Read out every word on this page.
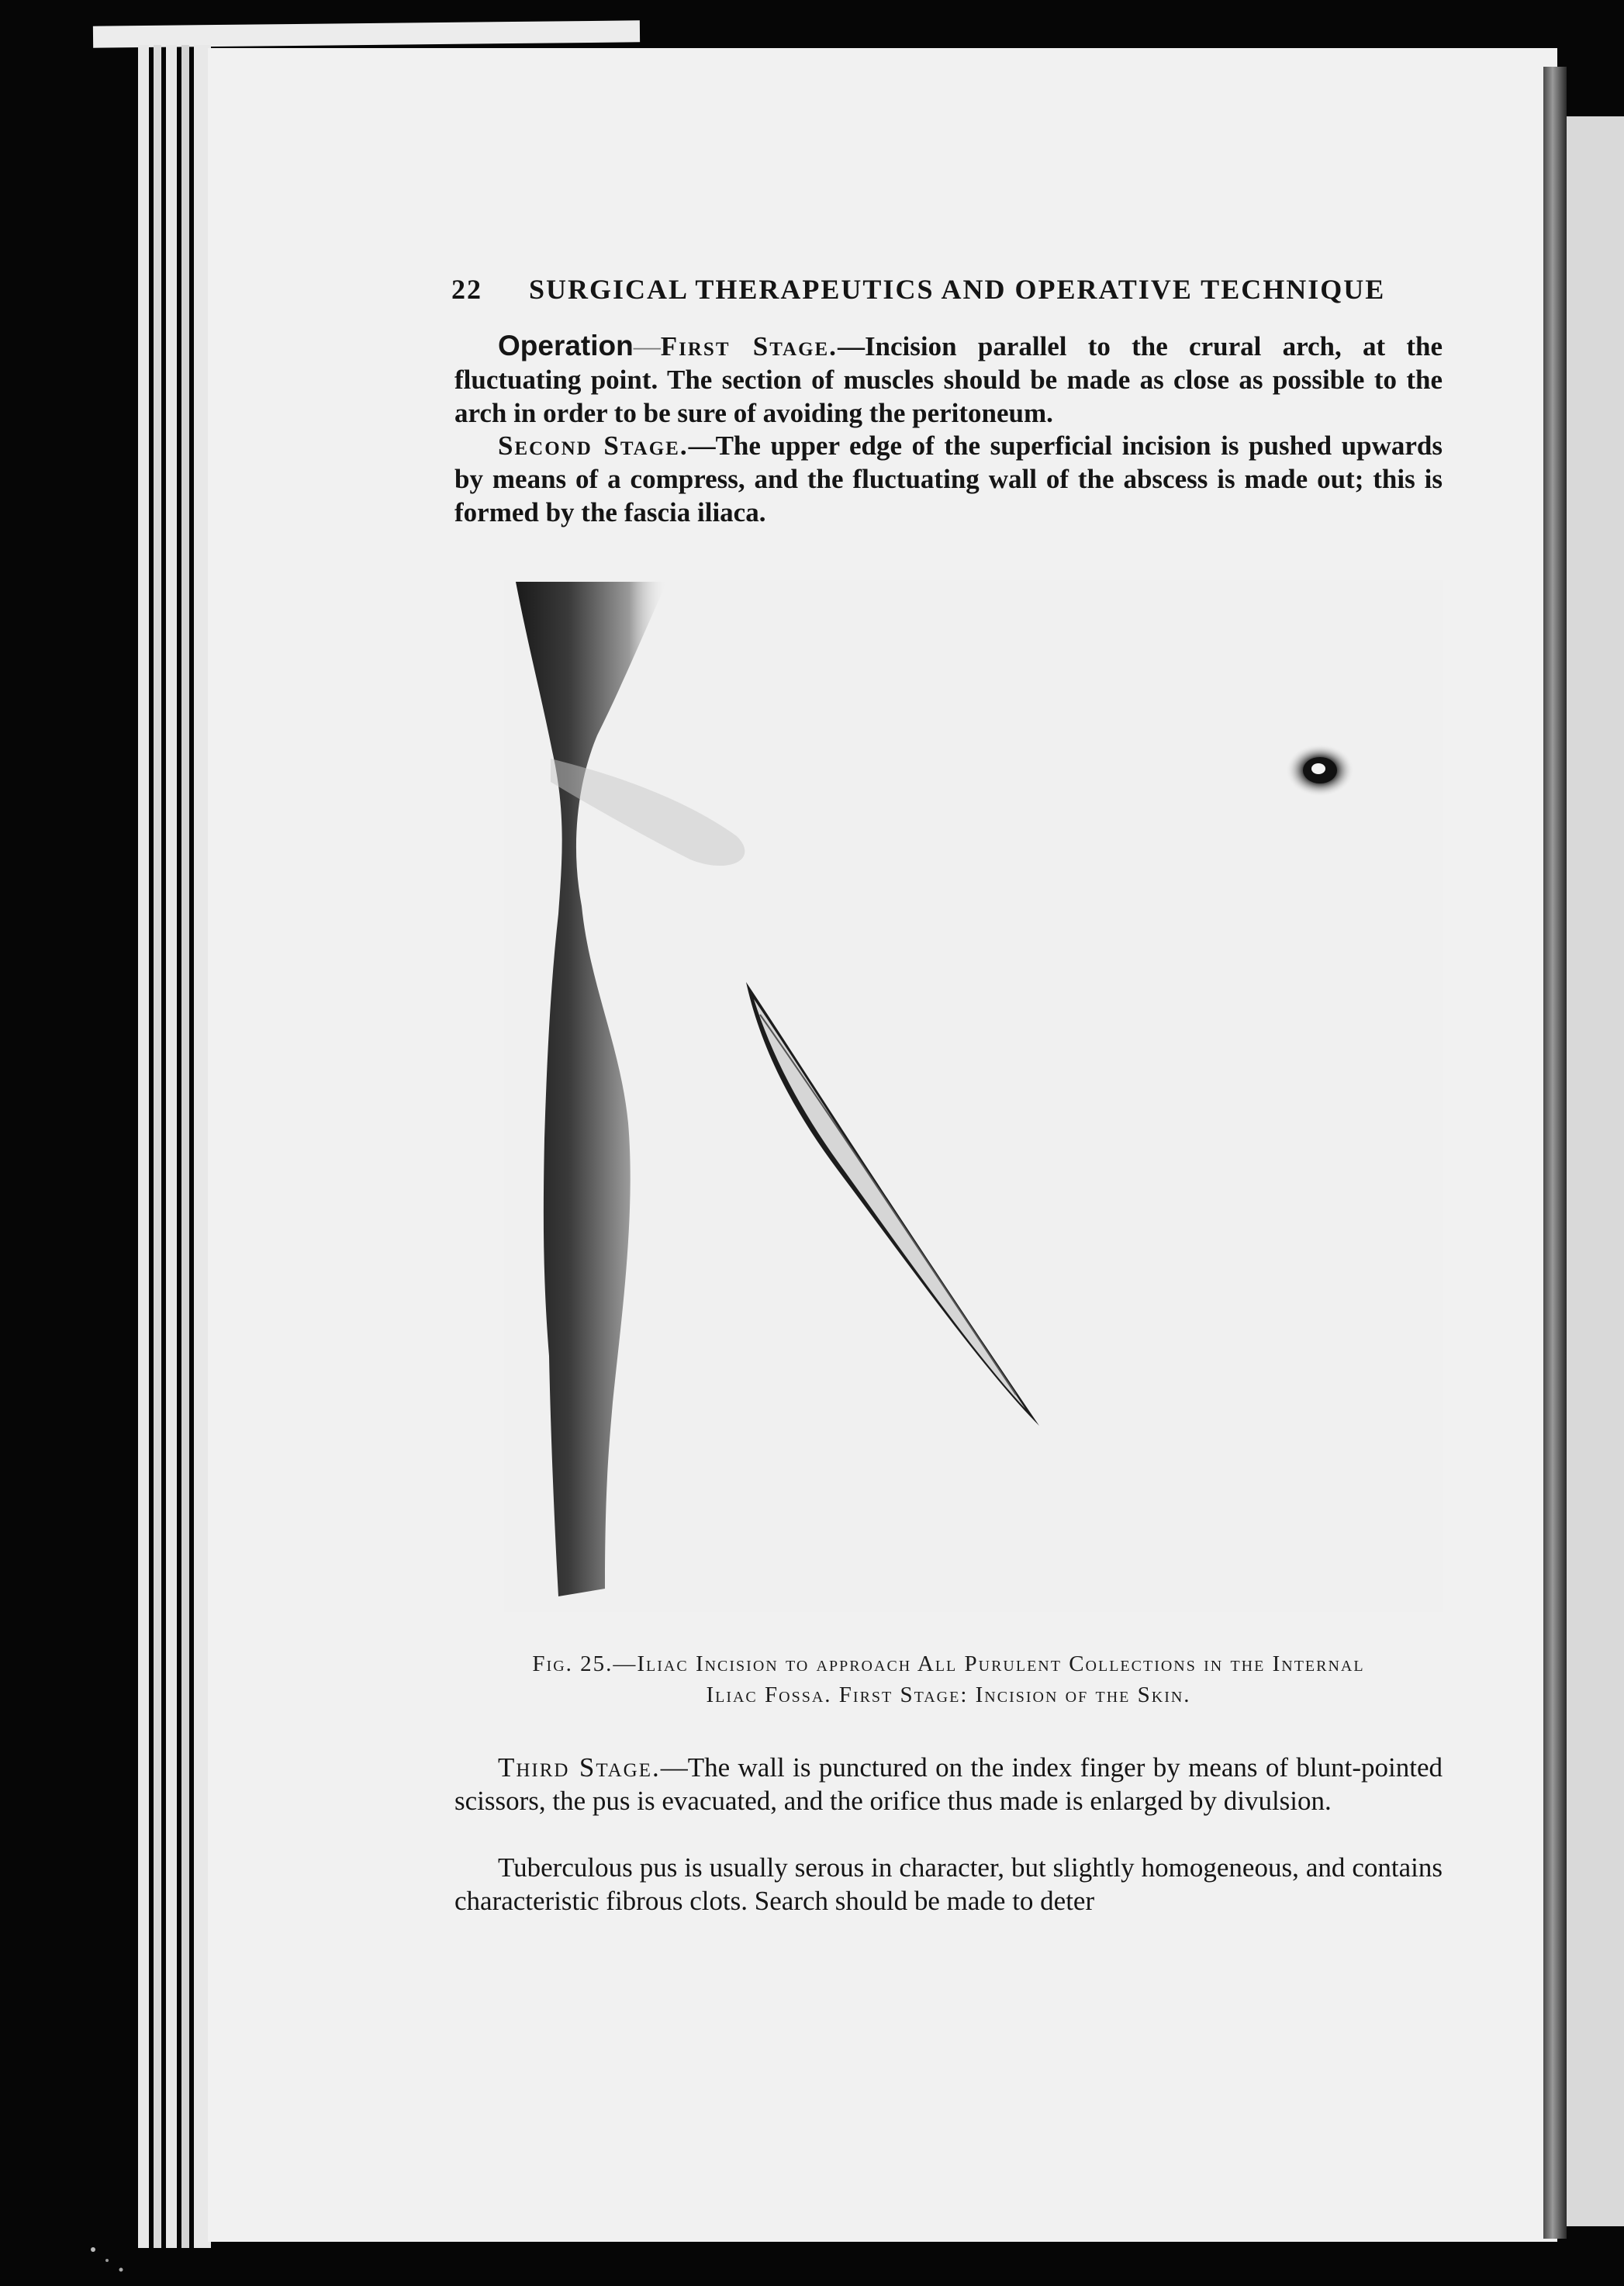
22 SURGICAL THERAPEUTICS AND OPERATIVE TECHNIQUE
Operation—First Stage.—Incision parallel to the crural arch, at the fluctuating point. The section of muscles should be made as close as possible to the arch in order to be sure of avoiding the peritoneum.
Second Stage.—The upper edge of the superficial incision is pushed upwards by means of a compress, and the fluctuating wall of the abscess is made out; this is formed by the fascia iliaca.
Fig. 25.—Iliac Incision to approach All Purulent Collections in the Internal
Iliac Fossa. First Stage: Incision of the Skin.
Third Stage.—The wall is punctured on the index finger by means of blunt-pointed scissors, the pus is evacuated, and the orifice thus made is enlarged by divulsion.
Tuberculous pus is usually serous in character, but slightly homogeneous, and contains characteristic fibrous clots. Search should be made to deter
